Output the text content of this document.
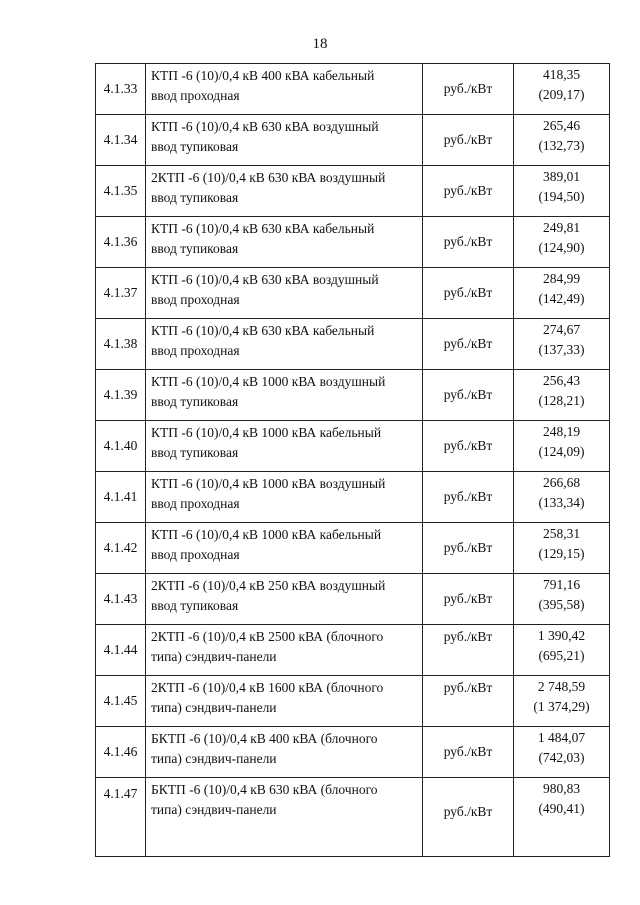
18
4.1.33	КТП -6 (10)/0,4 кВ 400 кВА кабельный
ввод проходная	руб./кВт	418,35
(209,17)

4.1.34	КТП -6 (10)/0,4 кВ 630 кВА воздушный
ввод тупиковая	руб./кВт	265,46
(132,73)

4.1.35	2КТП -6 (10)/0,4 кВ 630 кВА воздушный
ввод тупиковая	руб./кВт	389,01
(194,50)

4.1.36	КТП -6 (10)/0,4 кВ 630 кВА кабельный
ввод тупиковая	руб./кВт	249,81
(124,90)

4.1.37	КТП -6 (10)/0,4 кВ 630 кВА воздушный
ввод проходная	руб./кВт	284,99
(142,49)

4.1.38	КТП -6 (10)/0,4 кВ 630 кВА кабельный
ввод проходная	руб./кВт	274,67
(137,33)

4.1.39	КТП -6 (10)/0,4 кВ 1000 кВА воздушный
ввод тупиковая	руб./кВт	256,43
(128,21)

4.1.40	КТП -6 (10)/0,4 кВ 1000 кВА кабельный
ввод тупиковая	руб./кВт	248,19
(124,09)

4.1.41	КТП -6 (10)/0,4 кВ 1000 кВА воздушный
ввод проходная	руб./кВт	266,68
(133,34)

4.1.42	КТП -6 (10)/0,4 кВ 1000 кВА кабельный
ввод проходная	руб./кВт	258,31
(129,15)

4.1.43	2КТП -6 (10)/0,4 кВ 250 кВА воздушный
ввод тупиковая	руб./кВт	791,16
(395,58)

4.1.44	2КТП -6 (10)/0,4 кВ 2500 кВА (блочного
типа) сэндвич-панели	руб./кВт	1 390,42
(695,21)

4.1.45	2КТП -6 (10)/0,4 кВ 1600 кВА (блочного
типа) сэндвич-панели	руб./кВт	2 748,59
(1 374,29)

4.1.46	БКТП -6 (10)/0,4 кВ 400 кВА (блочного
типа) сэндвич-панели	руб./кВт	1 484,07
(742,03)

4.1.47	БКТП -6 (10)/0,4 кВ 630 кВА (блочного
типа) сэндвич-панели	руб./кВт	980,83
(490,41)
